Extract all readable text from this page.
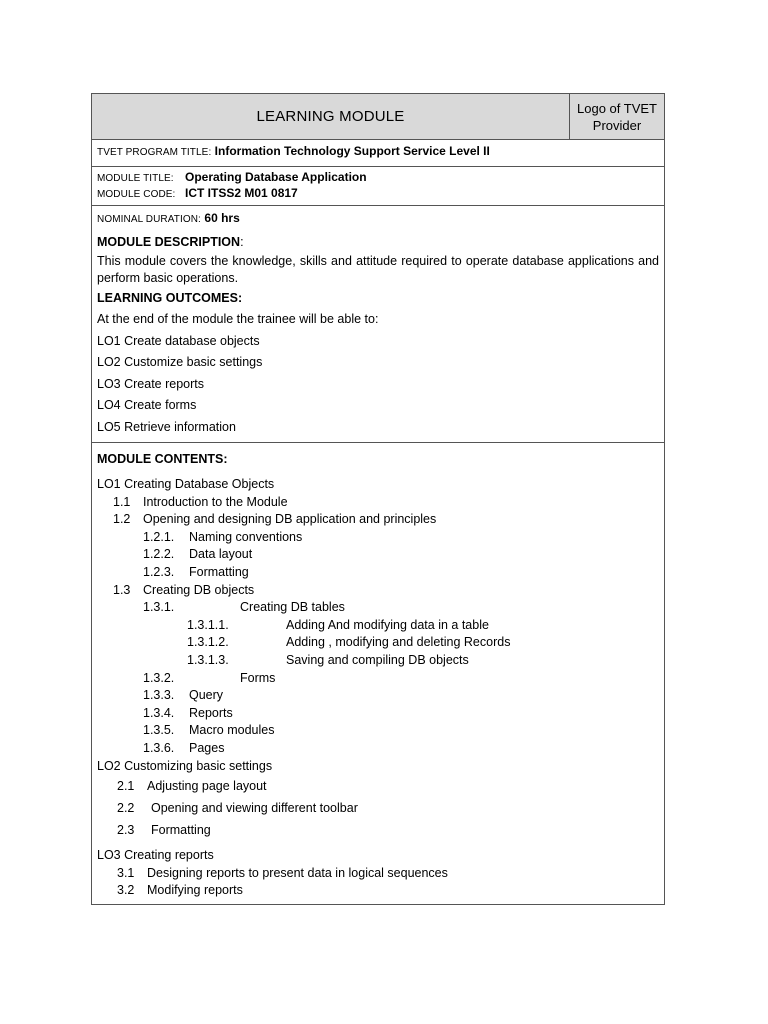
LEARNING MODULE	Logo of TVET
Provider

TVET PROGRAM TITLE: Information Technology Support Service Level II

MODULE TITLE: Operating Database Application
MODULE CODE: ICT ITSS2 M01 0817

NOMINAL DURATION: 60 hrs
MODULE DESCRIPTION:
This module covers the knowledge, skills and attitude required to operate database applications and perform basic operations.
LEARNING OUTCOMES:
At the end of the module the trainee will be able to:
LO1 Create database objects
LO2 Customize basic settings
LO3 Create reports
LO4 Create forms
LO5 Retrieve information

MODULE CONTENTS:
LO1 Creating Database Objects
1.1 Introduction to the Module
1.2 Opening and designing DB application and principles
1.2.1. Naming conventions
1.2.2. Data layout
1.2.3. Formatting
1.3 Creating DB objects
1.3.1.	Creating DB tables
1.3.1.1.	Adding And modifying data in a table
1.3.1.2.	Adding , modifying and deleting Records
1.3.1.3.	Saving and compiling DB objects
1.3.2.	Forms
1.3.3. Query
1.3.4. Reports
1.3.5. Macro modules
1.3.6. Pages
LO2 Customizing basic settings
2.1 Adjusting page layout
2.2 Opening and viewing different toolbar
2.3 Formatting
LO3 Creating reports
3.1 Designing reports to present data in logical sequences
3.2 Modifying reports
